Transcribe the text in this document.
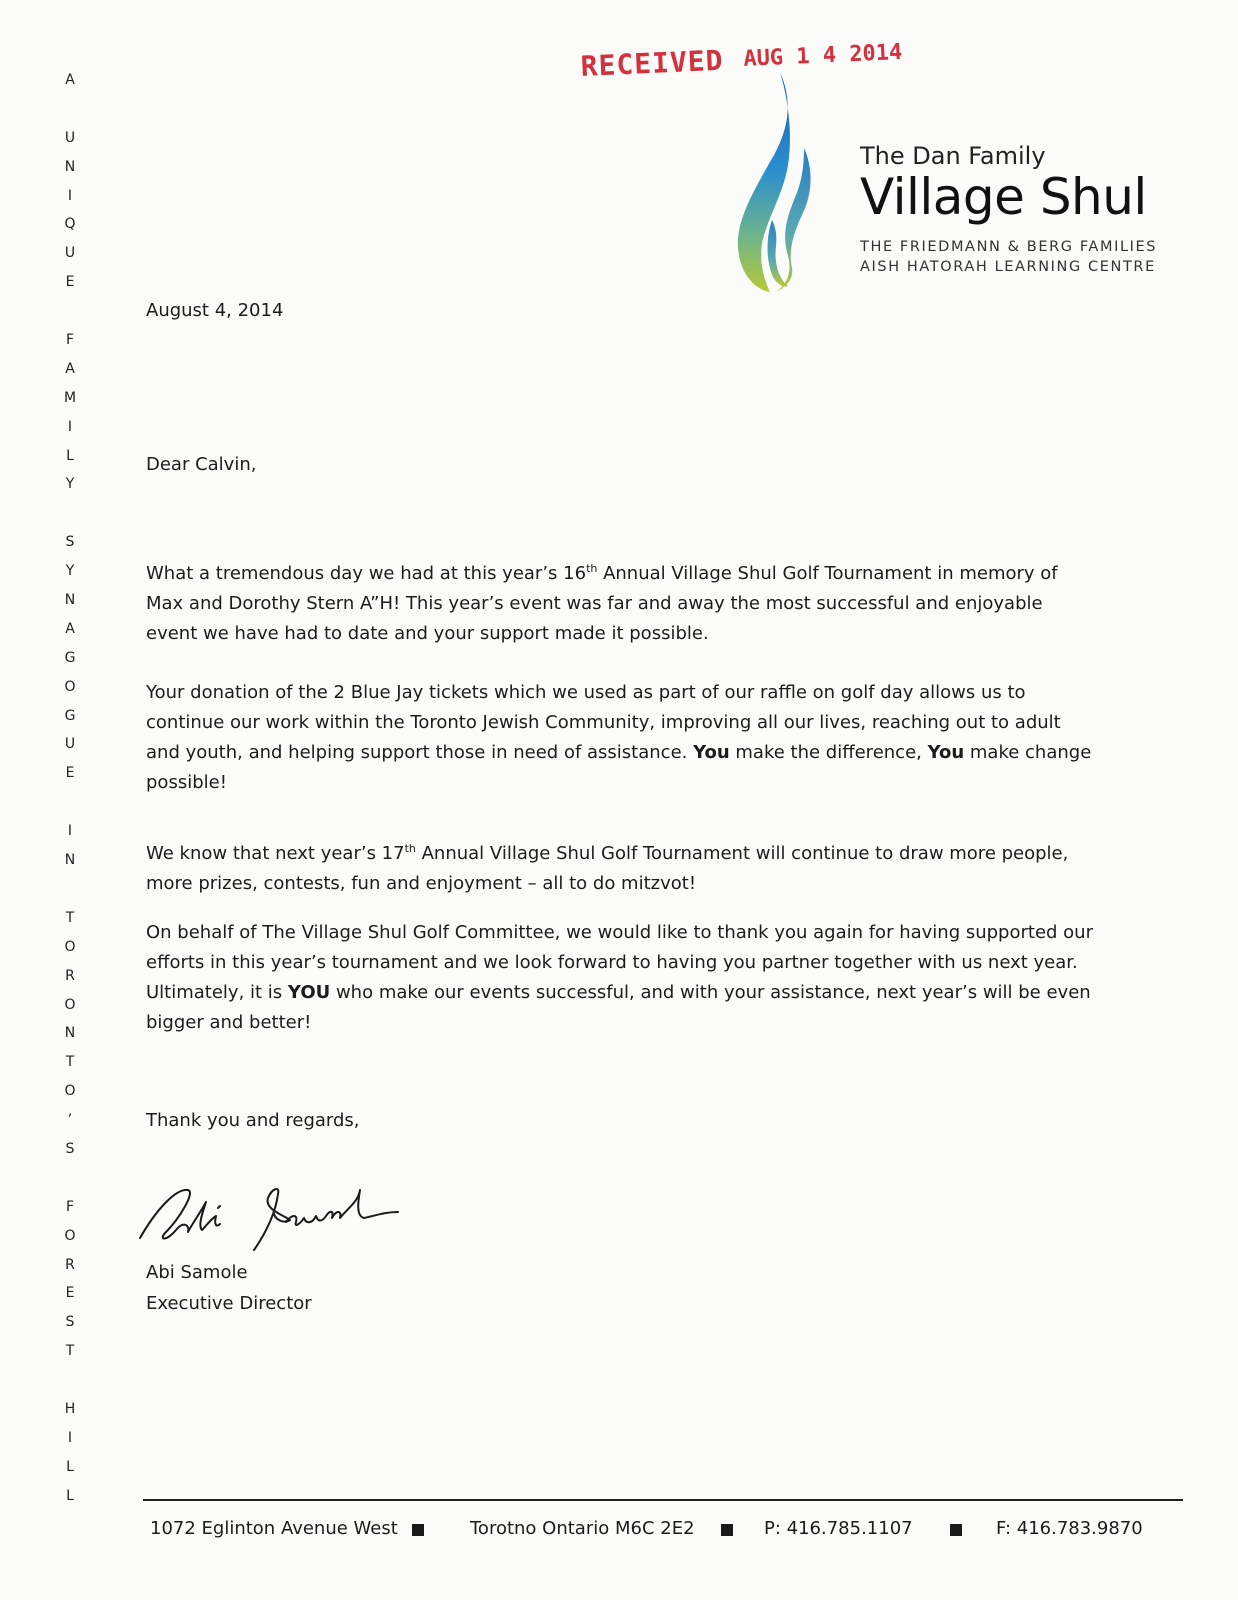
A
U
N
I
Q
U
E
F
A
M
I
L
Y
S
Y
N
A
G
O
G
U
E
I
N
T
O
R
O
N
T
O
’
S
F
O
R
E
S
T
H
I
L
L
RECEIVED AUG 1 4 2014
The Dan Family
Village Shul
THE FRIEDMANN & BERG FAMILIES
AISH HATORAH LEARNING CENTRE
August 4, 2014
Dear Calvin,
What a tremendous day we had at this year’s 16th Annual Village Shul Golf Tournament in memory of Max and Dorothy Stern A”H! This year’s event was far and away the most successful and enjoyable event we have had to date and your support made it possible.
Your donation of the 2 Blue Jay tickets which we used as part of our raffle on golf day allows us to continue our work within the Toronto Jewish Community, improving all our lives, reaching out to adult and youth, and helping support those in need of assistance. You make the difference, You make change possible!
We know that next year’s 17th Annual Village Shul Golf Tournament will continue to draw more people, more prizes, contests, fun and enjoyment – all to do mitzvot!
On behalf of The Village Shul Golf Committee, we would like to thank you again for having supported our efforts in this year’s tournament and we look forward to having you partner together with us next year. Ultimately, it is YOU who make our events successful, and with your assistance, next year’s will be even bigger and better!
Thank you and regards,
Abi Samole
Executive Director
1072 Eglinton Avenue West	Torotno Ontario M6C 2E2	P: 416.785.1107	F: 416.783.9870
